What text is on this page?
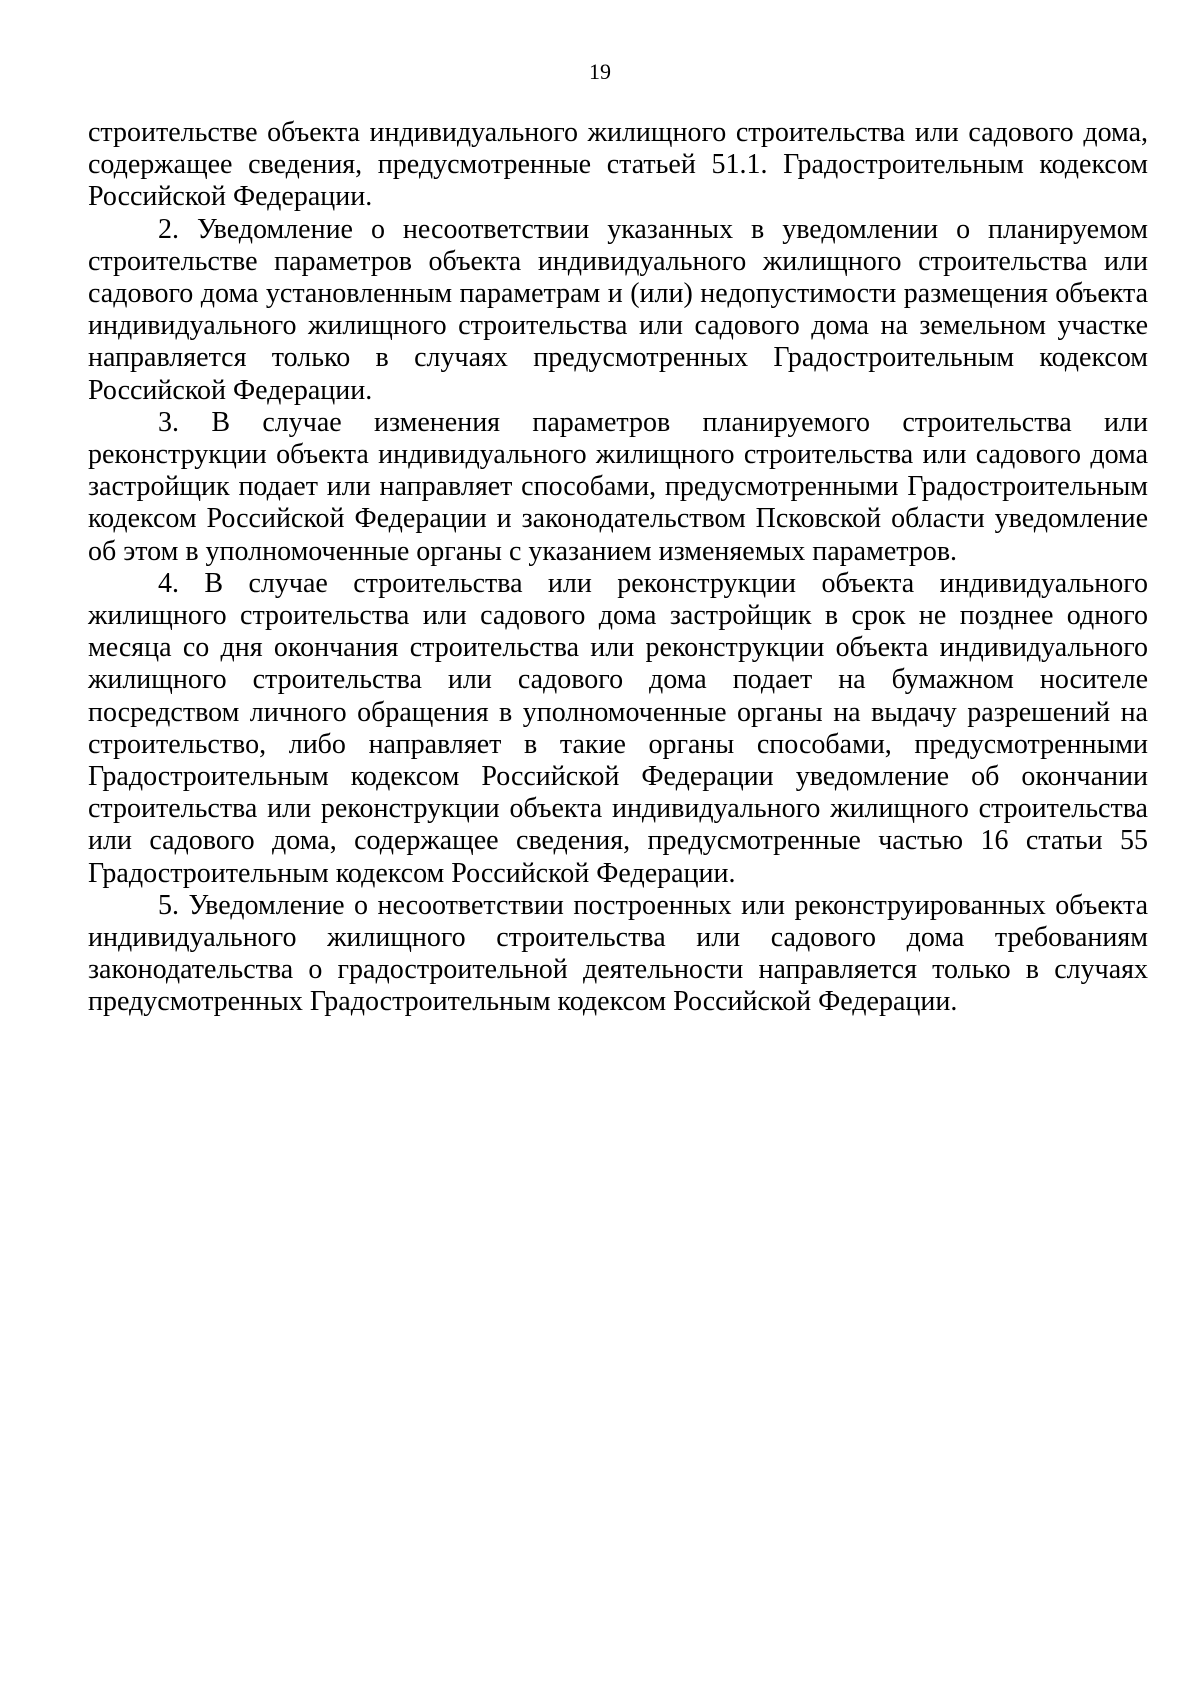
19

строительстве объекта индивидуального жилищного строительства или садового дома, содержащее сведения, предусмотренные статьей 51.1. Градостроительным кодексом Российской Федерации.

2. Уведомление о несоответствии указанных в уведомлении о планируемом строительстве параметров объекта индивидуального жилищного строительства или садового дома установленным параметрам и (или) недопустимости размещения объекта индивидуального жилищного строительства или садового дома на земельном участке направляется только в случаях предусмотренных Градостроительным кодексом Российской Федерации.

3. В случае изменения параметров планируемого строительства или реконструкции объекта индивидуального жилищного строительства или садового дома застройщик подает или направляет способами, предусмотренными Градостроительным кодексом Российской Федерации и законодательством Псковской области уведомление об этом в уполномоченные органы с указанием изменяемых параметров.

4. В случае строительства или реконструкции объекта индивидуального жилищного строительства или садового дома застройщик в срок не позднее одного месяца со дня окончания строительства или реконструкции объекта индивидуального жилищного строительства или садового дома подает на бумажном носителе посредством личного обращения в уполномоченные органы на выдачу разрешений на строительство, либо направляет в такие органы способами, предусмотренными Градостроительным кодексом Российской Федерации уведомление об окончании строительства или реконструкции объекта индивидуального жилищного строительства или садового дома, содержащее сведения, предусмотренные частью 16 статьи 55 Градостроительным кодексом Российской Федерации.

5. Уведомление о несоответствии построенных или реконструированных объекта индивидуального жилищного строительства или садового дома требованиям законодательства о градостроительной деятельности направляется только в случаях предусмотренных Градостроительным кодексом Российской Федерации.
